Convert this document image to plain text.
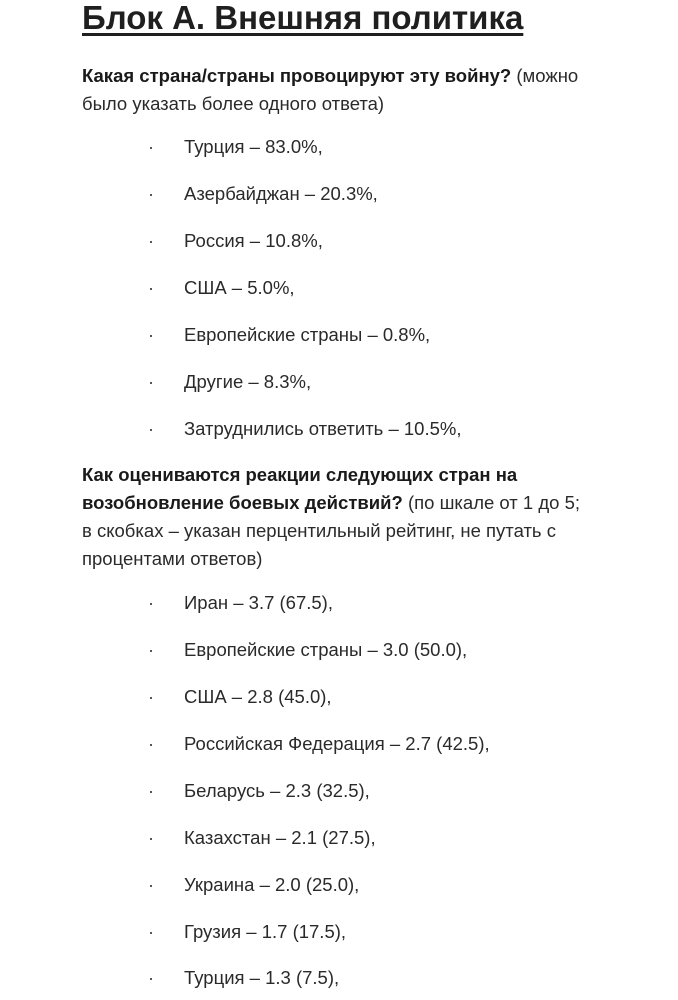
Блок А. Внешняя политика

Какая страна/страны провоцируют эту войну? (можно было указать более одного ответа)

· Турция – 83.0%,
· Азербайджан – 20.3%,
· Россия – 10.8%,
· США – 5.0%,
· Европейские страны – 0.8%,
· Другие – 8.3%,
· Затруднились ответить – 10.5%,

Как оцениваются реакции следующих стран на возобновление боевых действий? (по шкале от 1 до 5; в скобках – указан перцентильный рейтинг, не путать с процентами ответов)

· Иран – 3.7 (67.5),
· Европейские страны – 3.0 (50.0),
· США – 2.8 (45.0),
· Российская Федерация – 2.7 (42.5),
· Беларусь – 2.3 (32.5),
· Казахстан – 2.1 (27.5),
· Украина – 2.0 (25.0),
· Грузия – 1.7 (17.5),
· Турция – 1.3 (7.5),
